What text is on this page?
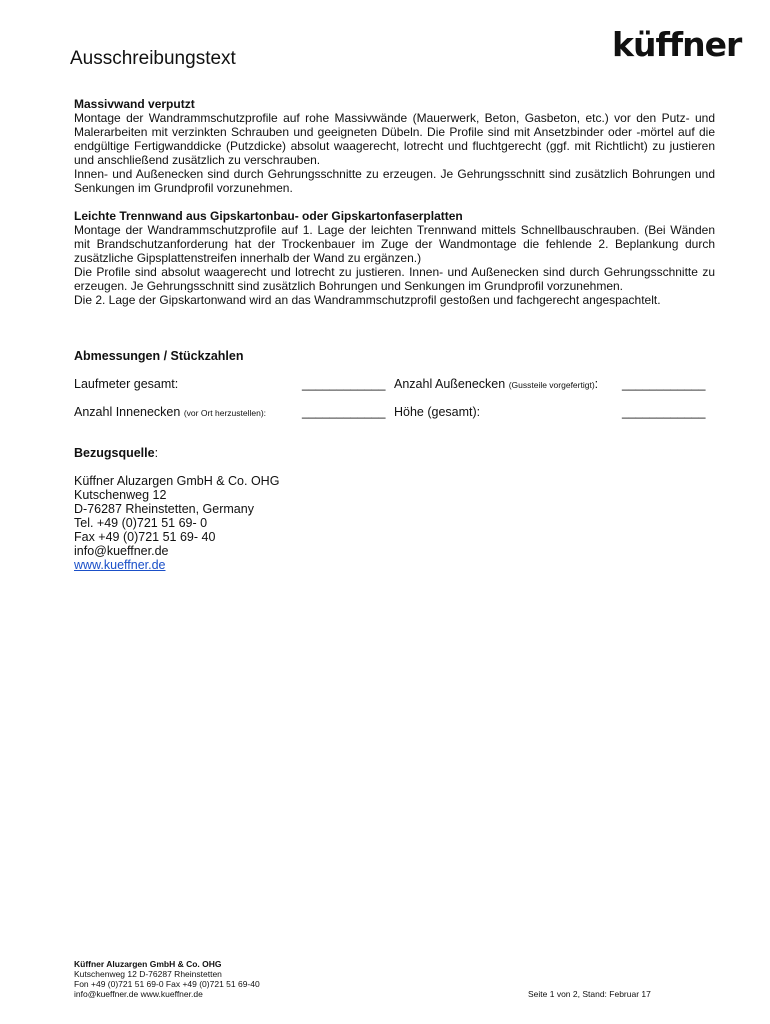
küffner
Ausschreibungstext
Massivwand verputzt

Montage der Wandrammschutzprofile auf rohe Massivwände (Mauerwerk, Beton, Gasbeton, etc.) vor den Putz- und Malerarbeiten mit verzinkten Schrauben und geeigneten Dübeln. Die Profile sind mit Ansetzbinder oder -mörtel auf die endgültige Fertigwanddicke (Putzdicke) absolut waagerecht, lotrecht und fluchtgerecht (ggf. mit Richtlicht) zu justieren und anschließend zusätzlich zu verschrauben.

Innen- und Außenecken sind durch Gehrungsschnitte zu erzeugen. Je Gehrungsschnitt sind zusätzlich Bohrungen und Senkungen im Grundprofil vorzunehmen.

Leichte Trennwand aus Gipskartonbau- oder Gipskartonfaserplatten

Montage der Wandrammschutzprofile auf 1. Lage der leichten Trennwand mittels Schnellbauschrauben. (Bei Wänden mit Brandschutzanforderung hat der Trockenbauer im Zuge der Wandmontage die fehlende 2. Beplankung durch zusätzliche Gipsplattenstreifen innerhalb der Wand zu ergänzen.)

Die Profile sind absolut waagerecht und lotrecht zu justieren. Innen- und Außenecken sind durch Gehrungsschnitte zu erzeugen. Je Gehrungsschnitt sind zusätzlich Bohrungen und Senkungen im Grundprofil vorzunehmen.

Die 2. Lage der Gipskartonwand wird an das Wandrammschutzprofil gestoßen und fachgerecht angespachtelt.

Abmessungen / Stückzahlen
Laufmeter gesamt:	____________ Anzahl Außenecken (Gussteile vorgefertigt): ____________
Anzahl Innenecken (vor Ort herzustellen):	____________ Höhe (gesamt):	____________
Bezugsquelle:
Küffner Aluzargen GmbH & Co. OHG
Kutschenweg 12
D-76287 Rheinstetten, Germany
Tel. +49 (0)721 51 69- 0
Fax +49 (0)721 51 69- 40
info@kueffner.de
www.kueffner.de
Küffner Aluzargen GmbH & Co. OHG
Kutschenweg 12 D-76287 Rheinstetten
Fon +49 (0)721 51 69-0 Fax +49 (0)721 51 69-40
info@kueffner.de www.kueffner.de	Seite 1 von 2, Stand: Februar 17
